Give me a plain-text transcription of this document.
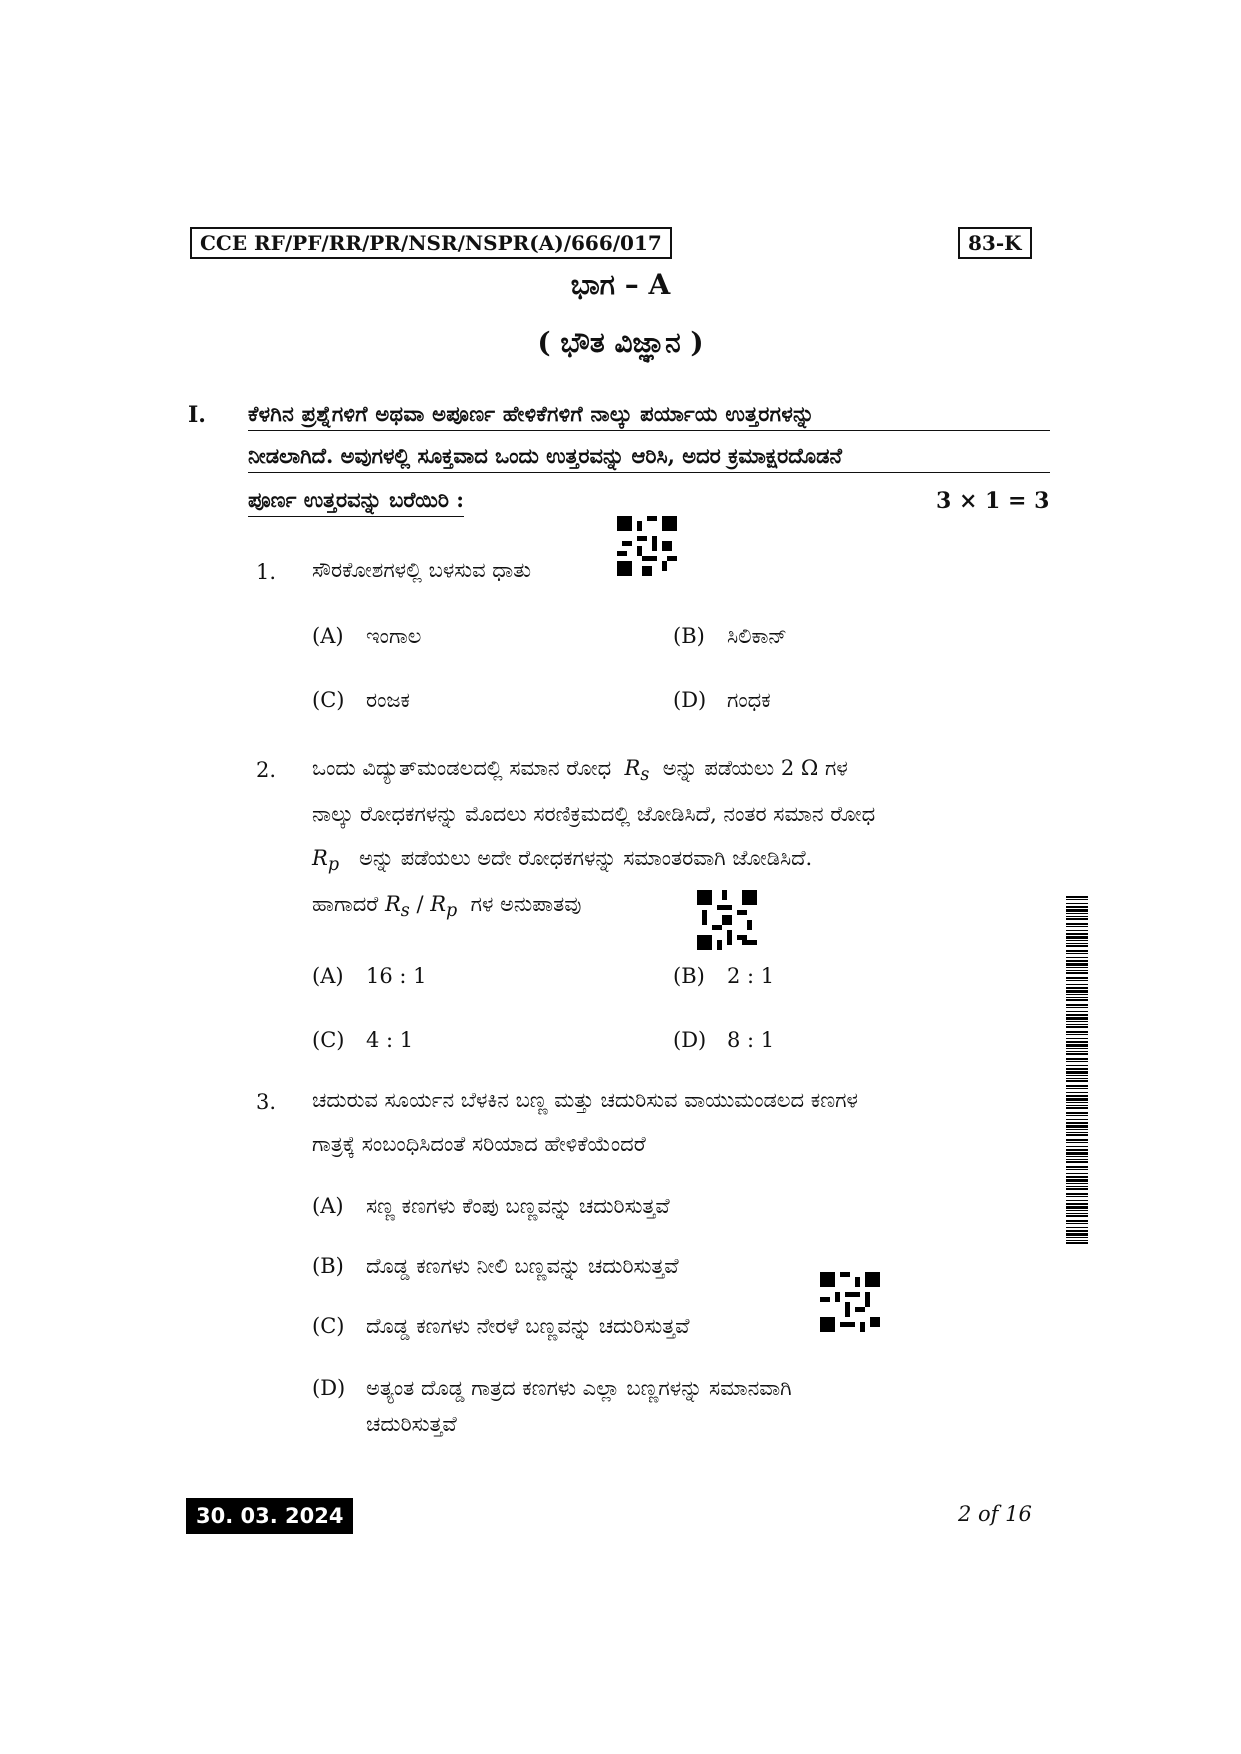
CCE RF/PF/RR/PR/NSR/NSPR(A)/666/017	83-K
ಭಾಗ – A
( ಭೌತ ವಿಜ್ಞಾನ )
I. ಕೆಳಗಿನ ಪ್ರಶ್ನೆಗಳಿಗೆ ಅಥವಾ ಅಪೂರ್ಣ ಹೇಳಿಕೆಗಳಿಗೆ ನಾಲ್ಕು ಪರ್ಯಾಯ ಉತ್ತರಗಳನ್ನು
ನೀಡಲಾಗಿದೆ. ಅವುಗಳಲ್ಲಿ ಸೂಕ್ತವಾದ ಒಂದು ಉತ್ತರವನ್ನು ಆರಿಸಿ, ಅದರ ಕ್ರಮಾಕ್ಷರದೊಡನೆ
ಪೂರ್ಣ ಉತ್ತರವನ್ನು ಬರೆಯಿರಿ :	3 × 1 = 3
1. ಸೌರಕೋಶಗಳಲ್ಲಿ ಬಳಸುವ ಧಾತು
(A) ಇಂಗಾಲ	(B) ಸಿಲಿಕಾನ್
(C) ರಂಜಕ	(D) ಗಂಧಕ
2. ಒಂದು ವಿದ್ಯುತ್‌ಮಂಡಲದಲ್ಲಿ ಸಮಾನ ರೋಧ $R_s$ ಅನ್ನು ಪಡೆಯಲು 2 Ω ಗಳ
ನಾಲ್ಕು ರೋಧಕಗಳನ್ನು ಮೊದಲು ಸರಣಿಕ್ರಮದಲ್ಲಿ ಜೋಡಿಸಿದೆ, ನಂತರ ಸಮಾನ ರೋಧ
$R_p$ ಅನ್ನು ಪಡೆಯಲು ಅದೇ ರೋಧಕಗಳನ್ನು ಸಮಾಂತರವಾಗಿ ಜೋಡಿಸಿದೆ.
ಹಾಗಾದರೆ $R_s / R_p$ ಗಳ ಅನುಪಾತವು
(A) 16 : 1	(B) 2 : 1
(C) 4 : 1	(D) 8 : 1
3. ಚದುರುವ ಸೂರ್ಯನ ಬೆಳಕಿನ ಬಣ್ಣ ಮತ್ತು ಚದುರಿಸುವ ವಾಯುಮಂಡಲದ ಕಣಗಳ
ಗಾತ್ರಕ್ಕೆ ಸಂಬಂಧಿಸಿದಂತೆ ಸರಿಯಾದ ಹೇಳಿಕೆಯೆಂದರೆ
(A) ಸಣ್ಣ ಕಣಗಳು ಕೆಂಪು ಬಣ್ಣವನ್ನು ಚದುರಿಸುತ್ತವೆ
(B) ದೊಡ್ಡ ಕಣಗಳು ನೀಲಿ ಬಣ್ಣವನ್ನು ಚದುರಿಸುತ್ತವೆ
(C) ದೊಡ್ಡ ಕಣಗಳು ನೇರಳೆ ಬಣ್ಣವನ್ನು ಚದುರಿಸುತ್ತವೆ
(D) ಅತ್ಯಂತ ದೊಡ್ಡ ಗಾತ್ರದ ಕಣಗಳು ಎಲ್ಲಾ ಬಣ್ಣಗಳನ್ನು ಸಮಾನವಾಗಿ
ಚದುರಿಸುತ್ತವೆ
30. 03. 2024	2 of 16
